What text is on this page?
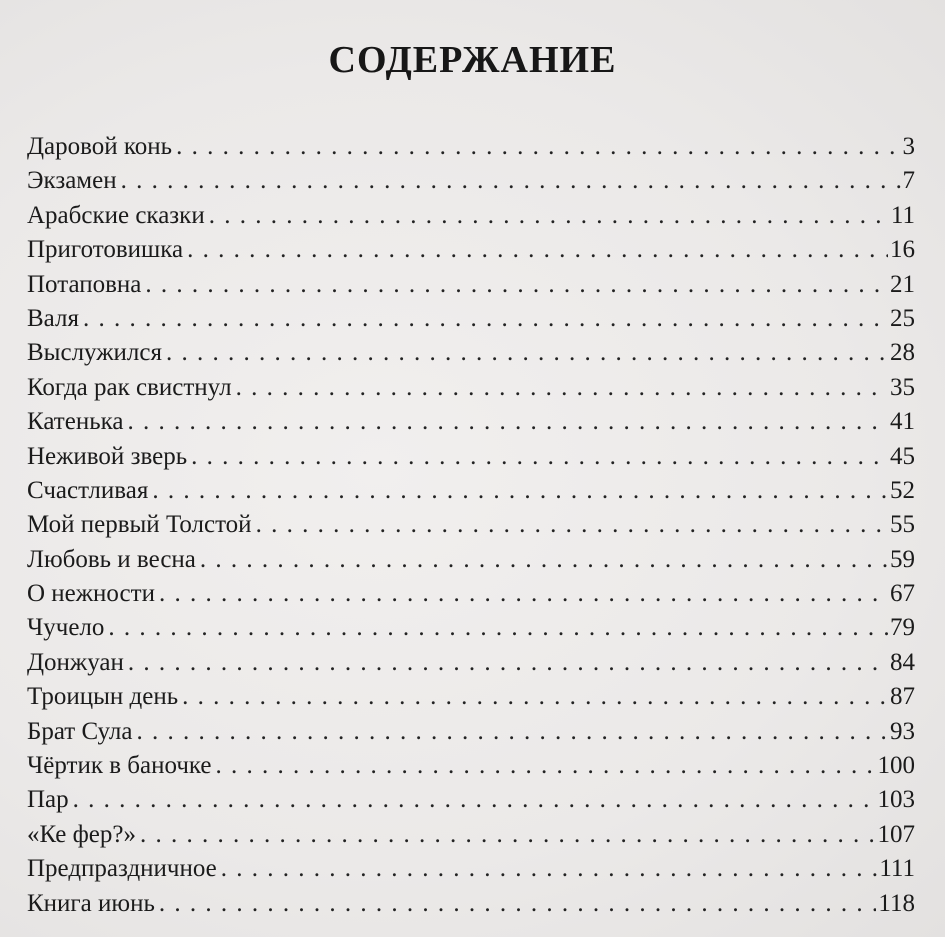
СОДЕРЖАНИЕ
Даровой конь . . .	3
Экзамен . . .	7
Арабские сказки . . .	11
Приготовишка . . .	16
Потаповна . . .	21
Валя . . .	25
Выслужился . . .	28
Когда рак свистнул . . .	35
Катенька . . .	41
Неживой зверь . . .	45
Счастливая . . .	52
Мой первый Толстой . . .	55
Любовь и весна . . .	59
О нежности . . .	67
Чучело . . .	79
Донжуан . . .	84
Троицын день . . .	87
Брат Сула . . .	93
Чёртик в баночке . . .	100
Пар . . .	103
«Ке фер?» . . .	107
Предпраздничное . . .	111
Книга июнь . . .	118
